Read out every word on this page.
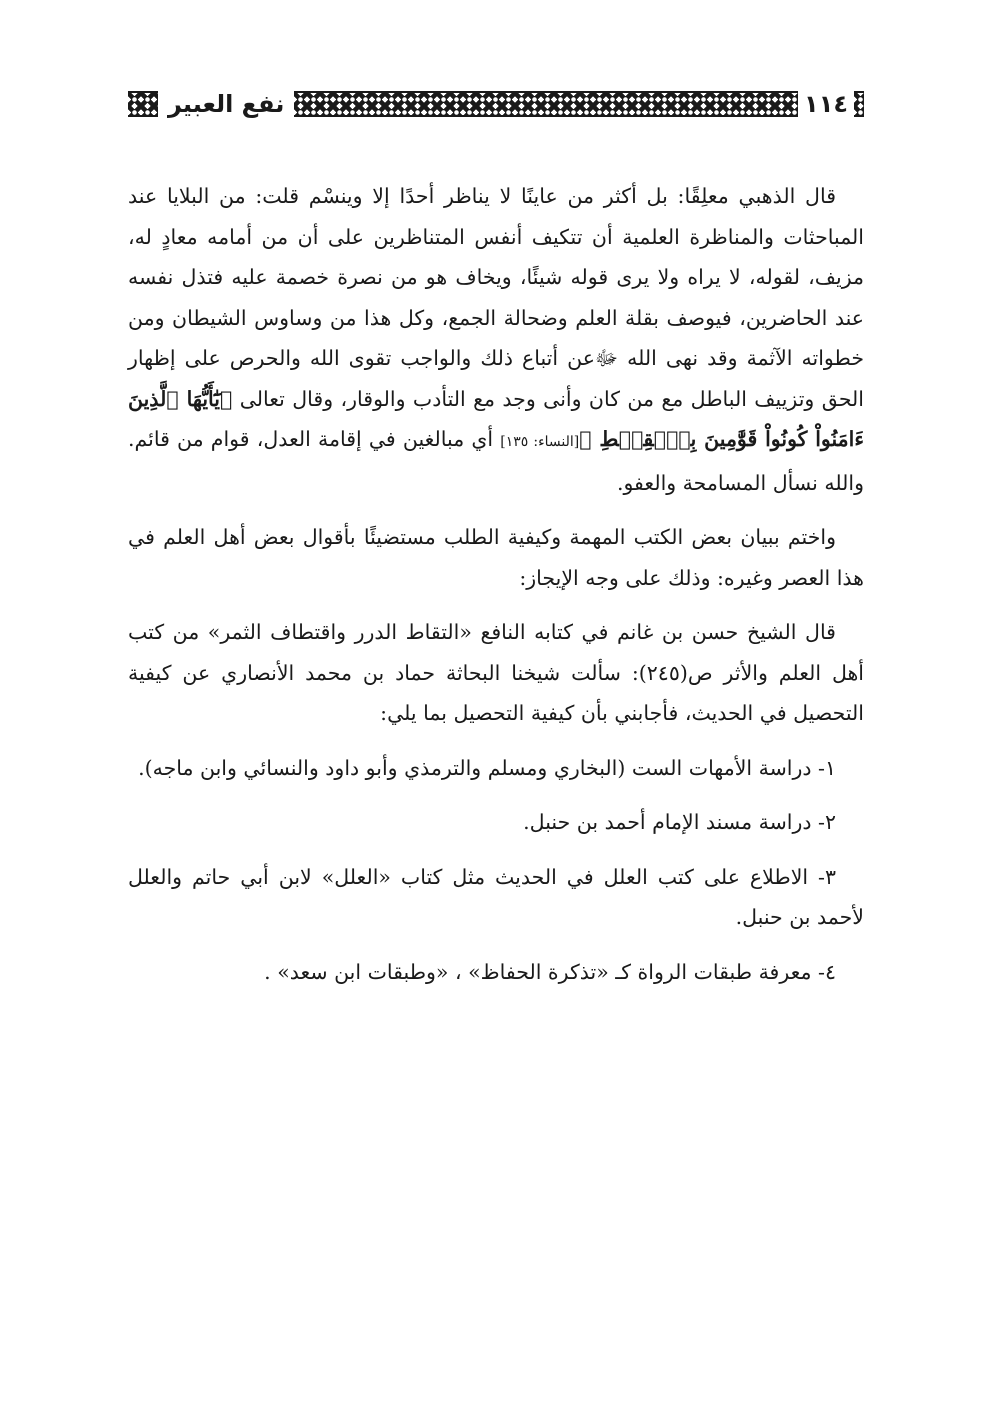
١١٤
نفع العبير

قال الذهبي معلِقًا: بل أكثر من عاينًا لا يناظر أحدًا إلا وينسْم قلت: من البلايا عند المباحثات والمناظرة العلمية أن تتكيف أنفس المتناظرين على أن من أمامه معادٍ له، مزيف، لقوله، لا يراه ولا يرى قوله شيئًا، ويخاف هو من نصرة خصمة عليه فتذل نفسه عند الحاضرين، فيوصف بقلة العلم وضحالة الجمع، وكل هذا من وساوس الشيطان ومن خطواته الآثمة وقد نهى الله ﷻعن أتباع ذلك والواجب تقوى الله والحرص على إظهار الحق وتزييف الباطل مع من كان وأنى وجد مع التأدب والوقار، وقال تعالى ﴿يَٰٓأَيُّهَا ٱلَّذِينَ ءَامَنُواْ كُونُواْ قَوَّٰمِينَ بِٱلۡقِسۡطِ ﴾[النساء: ١٣٥] أي مبالغين في إقامة العدل، قوام من قائم. والله نسأل المسامحة والعفو.

واختم ببيان بعض الكتب المهمة وكيفية الطلب مستضيئًا بأقوال بعض أهل العلم في هذا العصر وغيره: وذلك على وجه الإيجاز:

قال الشيخ حسن بن غانم في كتابه النافع «التقاط الدرر واقتطاف الثمر» من كتب أهل العلم والأثر ص(٢٤٥): سألت شيخنا البحاثة حماد بن محمد الأنصاري عن كيفية التحصيل في الحديث، فأجابني بأن كيفية التحصيل بما يلي:

١- دراسة الأمهات الست (البخاري ومسلم والترمذي وأبو داود والنسائي وابن ماجه).

٢- دراسة مسند الإمام أحمد بن حنبل.

٣- الاطلاع على كتب العلل في الحديث مثل كتاب «العلل» لابن أبي حاتم والعلل لأحمد بن حنبل.

٤- معرفة طبقات الرواة كـ «تذكرة الحفاظ» ، «وطبقات ابن سعد» .
